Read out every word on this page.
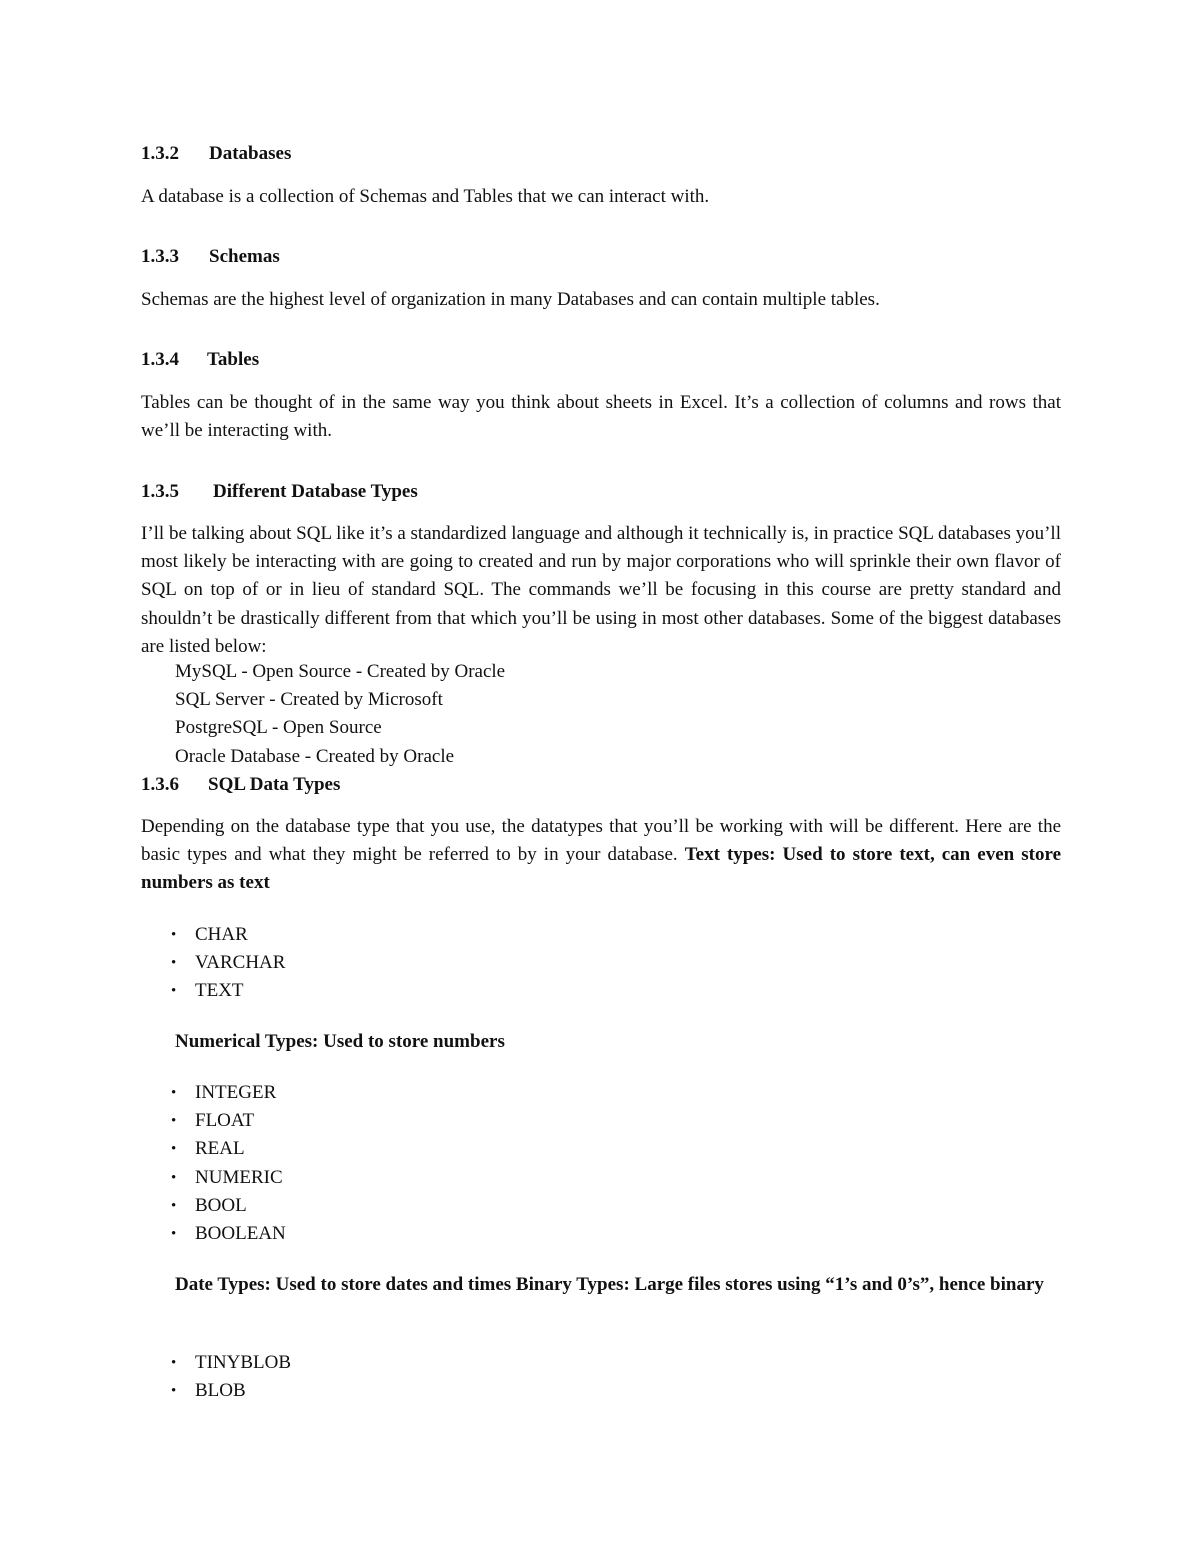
1.3.2 Databases
A database is a collection of Schemas and Tables that we can interact with.
1.3.3 Schemas
Schemas are the highest level of organization in many Databases and can contain multiple tables.
1.3.4 Tables
Tables can be thought of in the same way you think about sheets in Excel. It’s a collection of columns and rows that we’ll be interacting with.
1.3.5 Different Database Types
I’ll be talking about SQL like it’s a standardized language and although it technically is, in practice SQL databases you’ll most likely be interacting with are going to created and run by major corporations who will sprinkle their own flavor of SQL on top of or in lieu of standard SQL. The commands we’ll be focusing in this course are pretty standard and shouldn’t be drastically different from that which you’ll be using in most other databases. Some of the biggest databases are listed below:
MySQL - Open Source - Created by Oracle
SQL Server - Created by Microsoft
PostgreSQL - Open Source
Oracle Database - Created by Oracle
1.3.6 SQL Data Types
Depending on the database type that you use, the datatypes that you’ll be working with will be different. Here are the basic types and what they might be referred to by in your database. Text types: Used to store text, can even store numbers as text
• CHAR
• VARCHAR
• TEXT
Numerical Types: Used to store numbers
• INTEGER
• FLOAT
• REAL
• NUMERIC
• BOOL
• BOOLEAN
Date Types: Used to store dates and times Binary Types: Large files stores using “1’s and 0’s”, hence binary
• TINYBLOB
• BLOB
